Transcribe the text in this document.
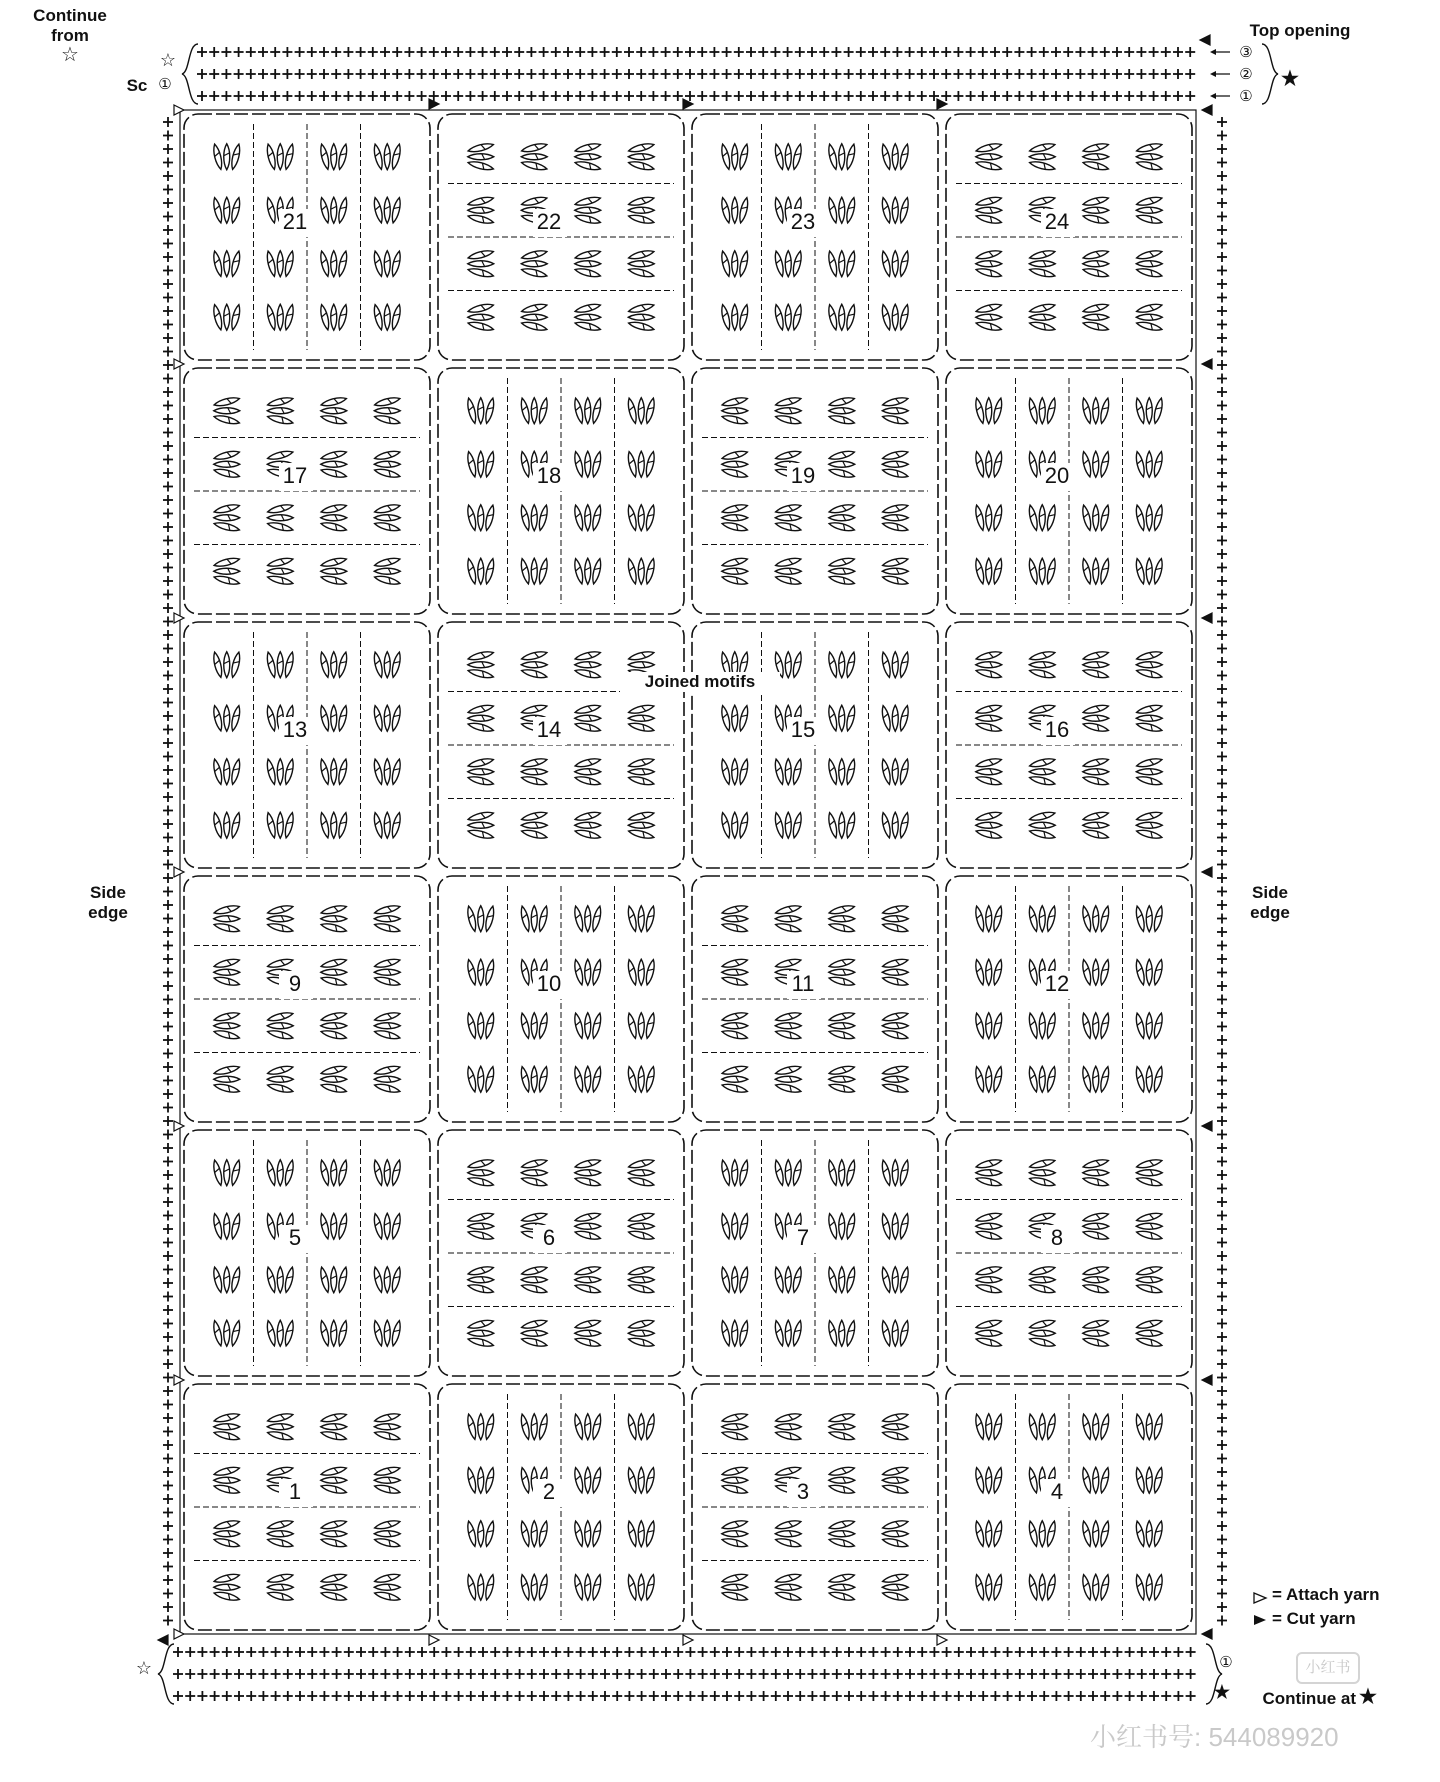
21	22	23	24
17	18	19	20
13	14	15	16
9	10	11	12
5	6	7	8
1	2	3	4
Continue
from
☆
Top opening
Sc
Side
edge
Side
edge
Joined motifs
= Attach yarn
= Cut yarn
Continue at ★
★
☆
☆
★
①
③
②
①
①	小红书
小红书号: 544089920
